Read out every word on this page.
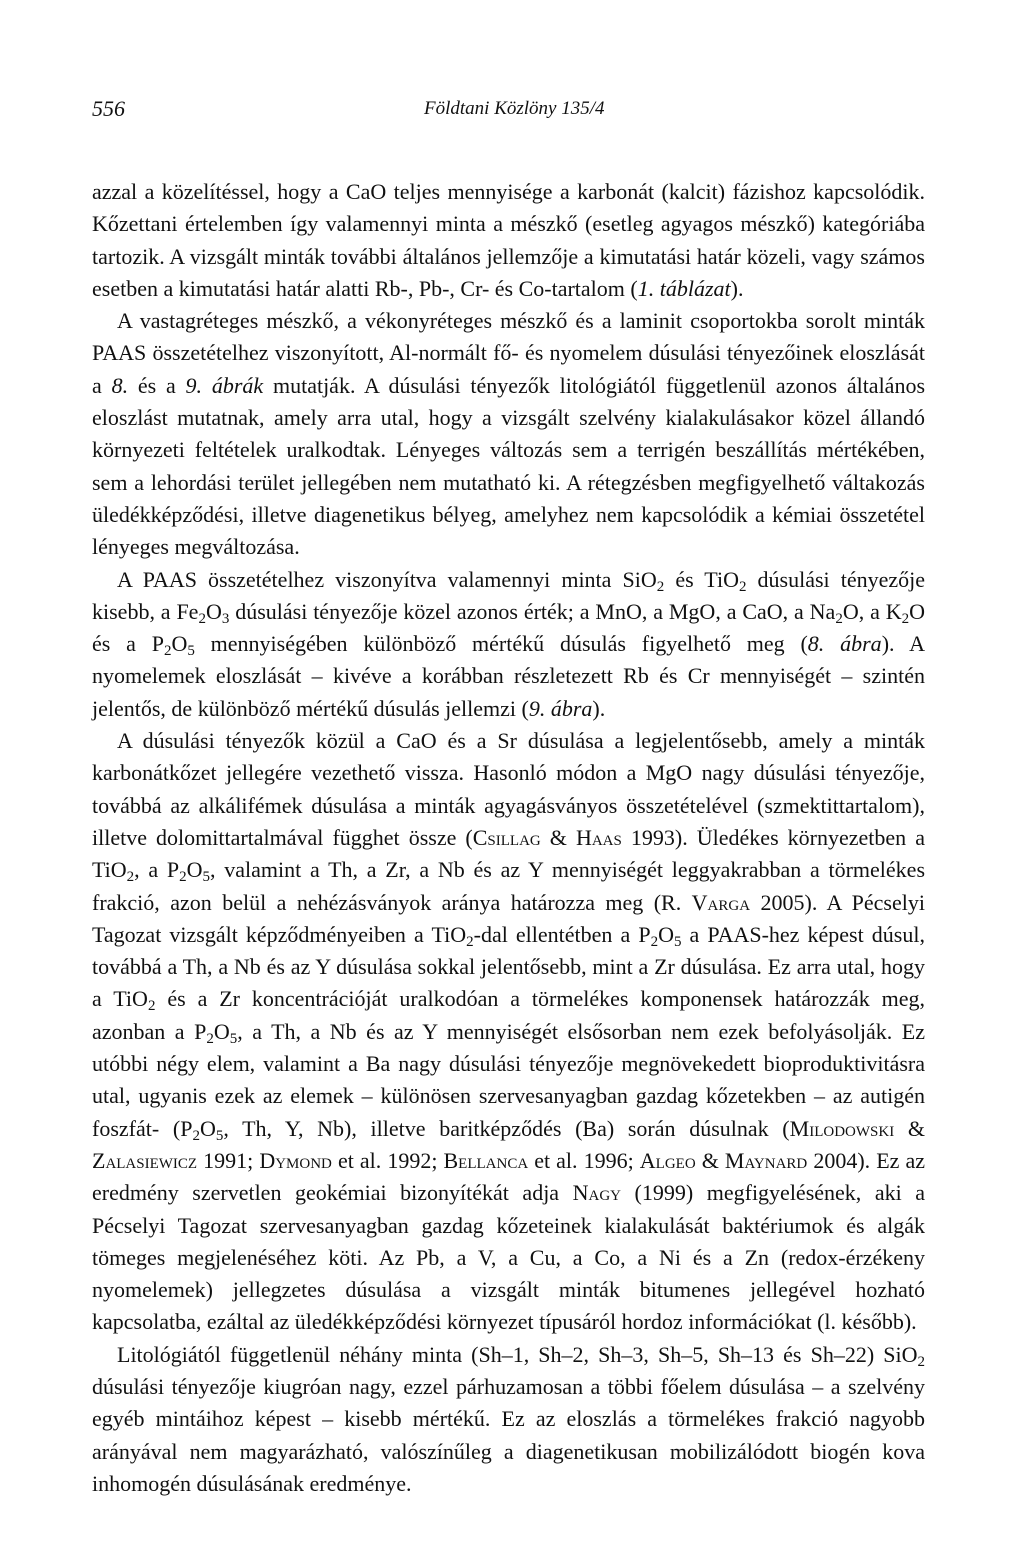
556	Földtani Közlöny 135/4

azzal a közelítéssel, hogy a CaO teljes mennyisége a karbonát (kalcit) fázishoz kapcsolódik. Kőzettani értelemben így valamennyi minta a mészkő (esetleg agyagos mészkő) kategóriába tartozik. A vizsgált minták további általános jellemzője a kimutatási határ közeli, vagy számos esetben a kimutatási határ alatti Rb-, Pb-, Cr- és Co-tartalom (1. táblázat).

A vastagréteges mészkő, a vékonyréteges mészkő és a laminit csoportokba sorolt minták PAAS összetételhez viszonyított, Al-normált fő- és nyomelem dúsulási tényezőinek eloszlását a 8. és a 9. ábrák mutatják. A dúsulási tényezők litológiától függetlenül azonos általános eloszlást mutatnak, amely arra utal, hogy a vizsgált szelvény kialakulásakor közel állandó környezeti feltételek uralkodtak. Lényeges változás sem a terrigén beszállítás mértékében, sem a lehordási terület jellegében nem mutatható ki. A rétegzésben megfigyelhető váltakozás üledékképződési, illetve diagenetikus bélyeg, amelyhez nem kapcsolódik a kémiai összetétel lényeges megváltozása.

A PAAS összetételhez viszonyítva valamennyi minta SiO$_2$ és TiO$_2$ dúsulási tényezője kisebb, a $Fe_2O_3$ dúsulási tényezője közel azonos érték; a MnO, a MgO, a CaO, a $Na_2O$, a $K_2O$ és a $P_2O_5$ mennyiségében különböző mértékű dúsulás figyelhető meg (8. ábra). A nyomelemek eloszlását – kivéve a korábban részletezett Rb és Cr mennyiségét – szintén jelentős, de különböző mértékű dúsulás jellemzi (9. ábra).

A dúsulási tényezők közül a CaO és a Sr dúsulása a legjelentősebb, amely a minták karbonátkőzet jellegére vezethető vissza. Hasonló módon a MgO nagy dúsulási tényezője, továbbá az alkálifémek dúsulása a minták agyagásványos összetételével (szmektittartalom), illetve dolomittartalmával függhet össze (Csillag & Haas 1993). Üledékes környezetben a TiO$_2$, a $P_2O_5$, valamint a Th, a Zr, a Nb és az Y mennyiségét leggyakrabban a törmelékes frakció, azon belül a nehézásványok aránya határozza meg (R. Varga 2005). A Pécselyi Tagozat vizsgált képződményeiben a TiO$_2$-dal ellentétben a $P_2O_5$ a PAAS-hez képest dúsul, továbbá a Th, a Nb és az Y dúsulása sokkal jelentősebb, mint a Zr dúsulása. Ez arra utal, hogy a TiO$_2$ és a Zr koncentrációját uralkodóan a törmelékes komponensek határozzák meg, azonban a $P_2O_5$, a Th, a Nb és az Y mennyiségét elsősorban nem ezek befolyásolják. Ez utóbbi négy elem, valamint a Ba nagy dúsulási tényezője megnövekedett bioproduktivitásra utal, ugyanis ezek az elemek – különösen szervesanyagban gazdag kőzetekben – az autigén foszfát- ($P_2O_5$, Th, Y, Nb), illetve baritképződés (Ba) során dúsulnak (Milodowski & Zalasiewicz 1991; Dymond et al. 1992; Bellanca et al. 1996; Algeo & Maynard 2004). Ez az eredmény szervetlen geokémiai bizonyítékát adja Nagy (1999) megfigyelésének, aki a Pécselyi Tagozat szervesanyagban gazdag kőzeteinek kialakulását baktériumok és algák tömeges megjelenéséhez köti. Az Pb, a V, a Cu, a Co, a Ni és a Zn (redox-érzékeny nyomelemek) jellegzetes dúsulása a vizsgált minták bitumenes jellegével hozható kapcsolatba, ezáltal az üledékképződési környezet típusáról hordoz információkat (l. később).

Litológiától függetlenül néhány minta (Sh–1, Sh–2, Sh–3, Sh–5, Sh–13 és Sh–22) SiO$_2$ dúsulási tényezője kiugróan nagy, ezzel párhuzamosan a többi főelem dúsulása – a szelvény egyéb mintáihoz képest – kisebb mértékű. Ez az eloszlás a törmelékes frakció nagyobb arányával nem magyarázható, valószínűleg a diagenetikusan mobilizálódott biogén kova inhomogén dúsulásának eredménye.
